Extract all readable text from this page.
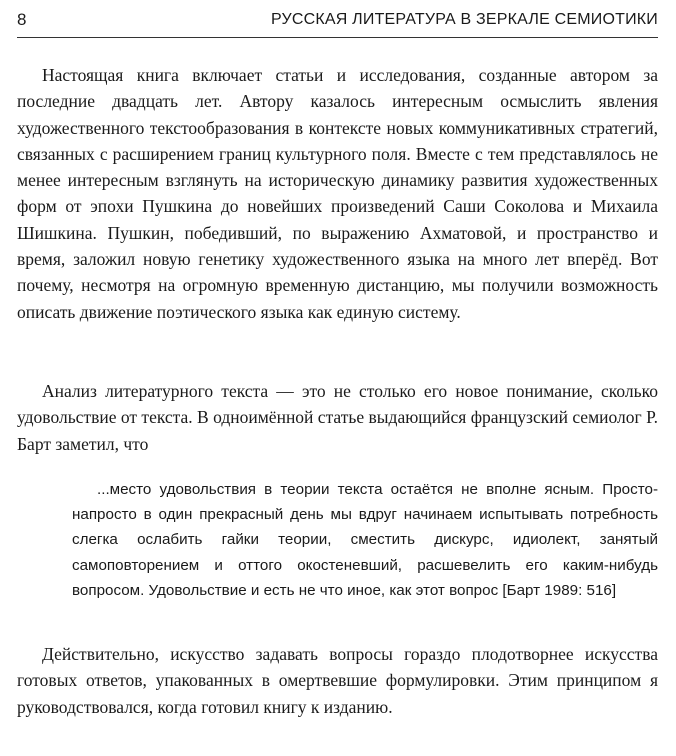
8	РУССКАЯ ЛИТЕРАТУРА В ЗЕРКАЛЕ СЕМИОТИКИ

Настоящая книга включает статьи и исследования, созданные автором за последние двадцать лет. Автору казалось интересным осмыслить явления художественного текстообразования в контексте новых коммуникативных стратегий, связанных с расширением границ культурного поля. Вместе с тем представлялось не менее интересным взглянуть на историческую динамику развития художественных форм от эпохи Пушкина до новейших произведений Саши Соколова и Михаила Шишкина. Пушкин, победивший, по выражению Ахматовой, и пространство и время, заложил новую генетику художественного языка на много лет вперёд. Вот почему, несмотря на огромную временную дистанцию, мы получили возможность описать движение поэтического языка как единую систему.

Анализ литературного текста — это не столько его новое понимание, сколько удовольствие от текста. В одноимённой статье выдающийся французский семиолог Р. Барт заметил, что

...место удовольствия в теории текста остаётся не вполне ясным. Просто-напросто в один прекрасный день мы вдруг начинаем испытывать потребность слегка ослабить гайки теории, сместить дискурс, идиолект, занятый самоповторением и оттого окостеневший, расшевелить его каким-нибудь вопросом. Удовольствие и есть не что иное, как этот вопрос [Барт 1989: 516]

Действительно, искусство задавать вопросы гораздо плодотворнее искусства готовых ответов, упакованных в омертвевшие формулировки. Этим принципом я руководствовался, когда готовил книгу к изданию.
